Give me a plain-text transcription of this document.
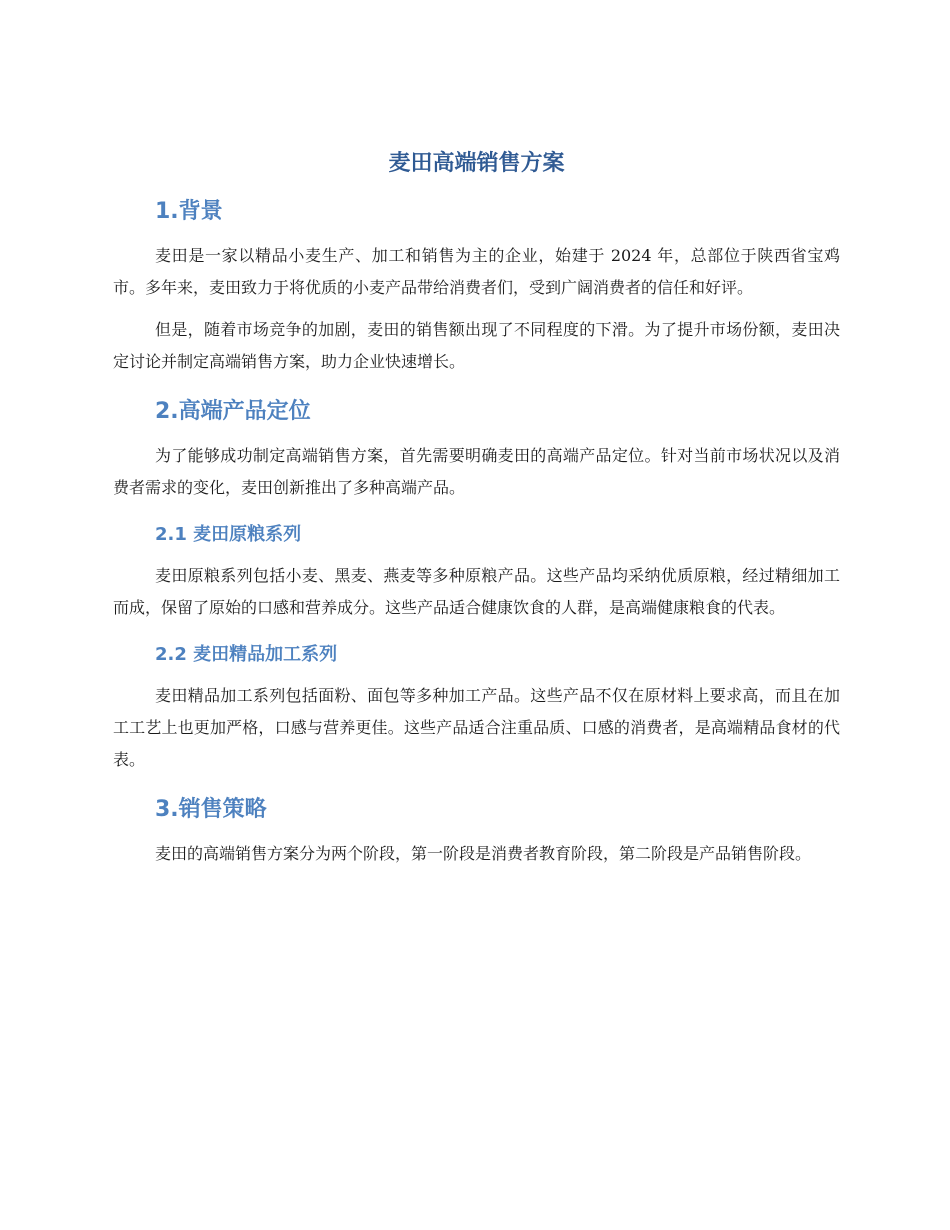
麦田高端销售方案
1.背景

麦田是一家以精品小麦生产、加工和销售为主的企业，始建于 2024 年，总部位于陕西省宝鸡市。多年来，麦田致力于将优质的小麦产品带给消费者们，受到广阔消费者的信任和好评。

但是，随着市场竞争的加剧，麦田的销售额出现了不同程度的下滑。为了提升市场份额，麦田决定讨论并制定高端销售方案，助力企业快速增长。

2.高端产品定位

为了能够成功制定高端销售方案，首先需要明确麦田的高端产品定位。针对当前市场状况以及消费者需求的变化，麦田创新推出了多种高端产品。

2.1 麦田原粮系列

麦田原粮系列包括小麦、黑麦、燕麦等多种原粮产品。这些产品均采纳优质原粮，经过精细加工而成，保留了原始的口感和营养成分。这些产品适合健康饮食的人群，是高端健康粮食的代表。

2.2 麦田精品加工系列

麦田精品加工系列包括面粉、面包等多种加工产品。这些产品不仅在原材料上要求高，而且在加工工艺上也更加严格，口感与营养更佳。这些产品适合注重品质、口感的消费者，是高端精品食材的代表。

3.销售策略

麦田的高端销售方案分为两个阶段，第一阶段是消费者教育阶段，第二阶段是产品销售阶段。
